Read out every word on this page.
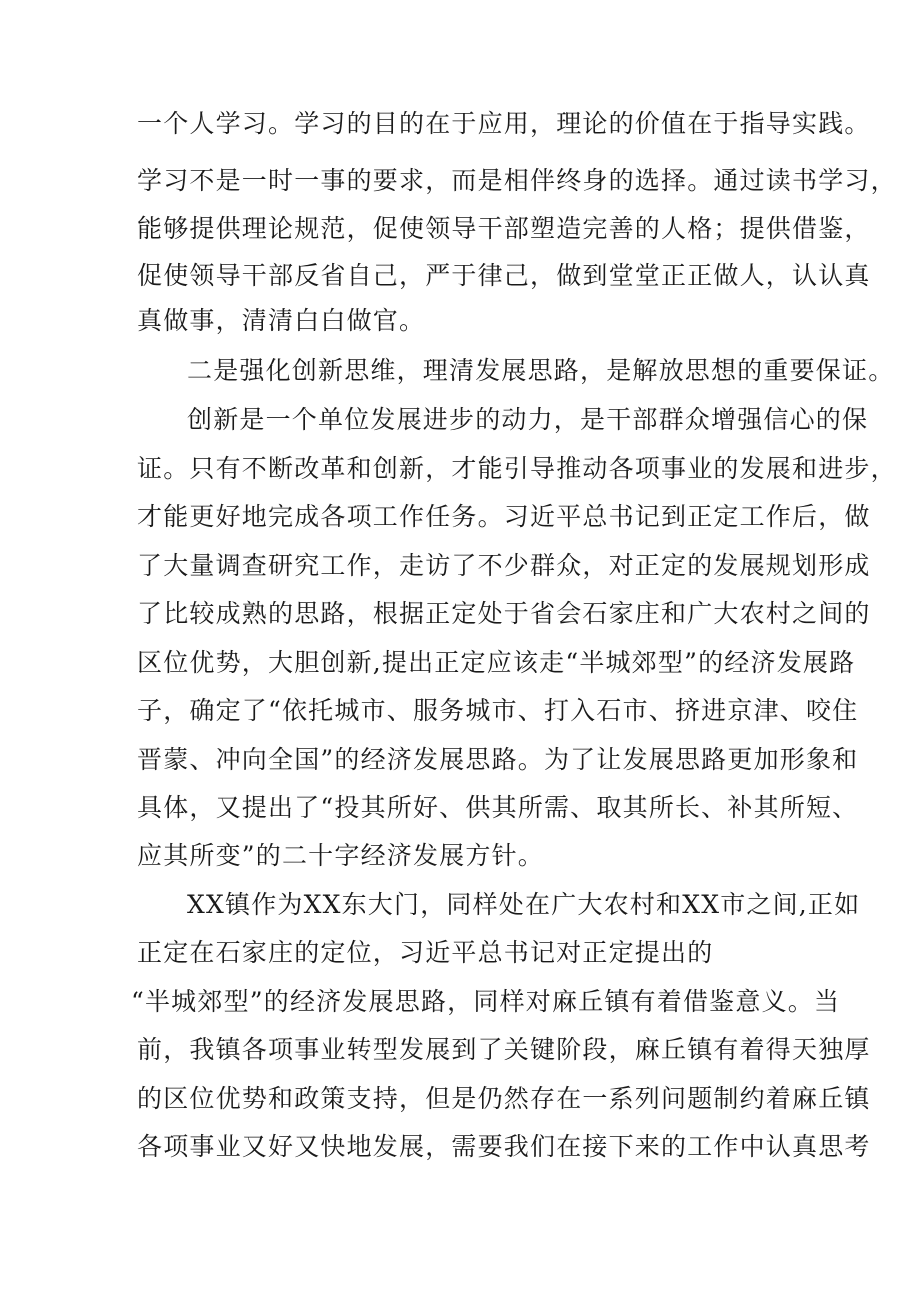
一个人学习。学习的目的在于应用，理论的价值在于指导实践。
学习不是一时一事的要求，而是相伴终身的选择。通过读书学习，
能够提供理论规范，促使领导干部塑造完善的人格；提供借鉴，
促使领导干部反省自己，严于律己，做到堂堂正正做人，认认真
真做事，清清白白做官。
二是强化创新思维，理清发展思路，是解放思想的重要保证。
创新是一个单位发展进步的动力，是干部群众增强信心的保
证。只有不断改革和创新，才能引导推动各项事业的发展和进步，
才能更好地完成各项工作任务。习近平总书记到正定工作后，做
了大量调查研究工作，走访了不少群众，对正定的发展规划形成
了比较成熟的思路，根据正定处于省会石家庄和广大农村之间的
区位优势，大胆创新,提出正定应该走“半城郊型”的经济发展路
子，确定了“依托城市、服务城市、打入石市、挤进京津、咬住
晋蒙、冲向全国”的经济发展思路。为了让发展思路更加形象和
具体，又提出了“投其所好、供其所需、取其所长、补其所短、
应其所变”的二十字经济发展方针。
XX镇作为XX东大门，同样处在广大农村和XX市之间,正如
正定在石家庄的定位，习近平总书记对正定提出的
“半城郊型”的经济发展思路，同样对麻丘镇有着借鉴意义。当
前，我镇各项事业转型发展到了关键阶段，麻丘镇有着得天独厚
的区位优势和政策支持，但是仍然存在一系列问题制约着麻丘镇
各项事业又好又快地发展，需要我们在接下来的工作中认真思考
